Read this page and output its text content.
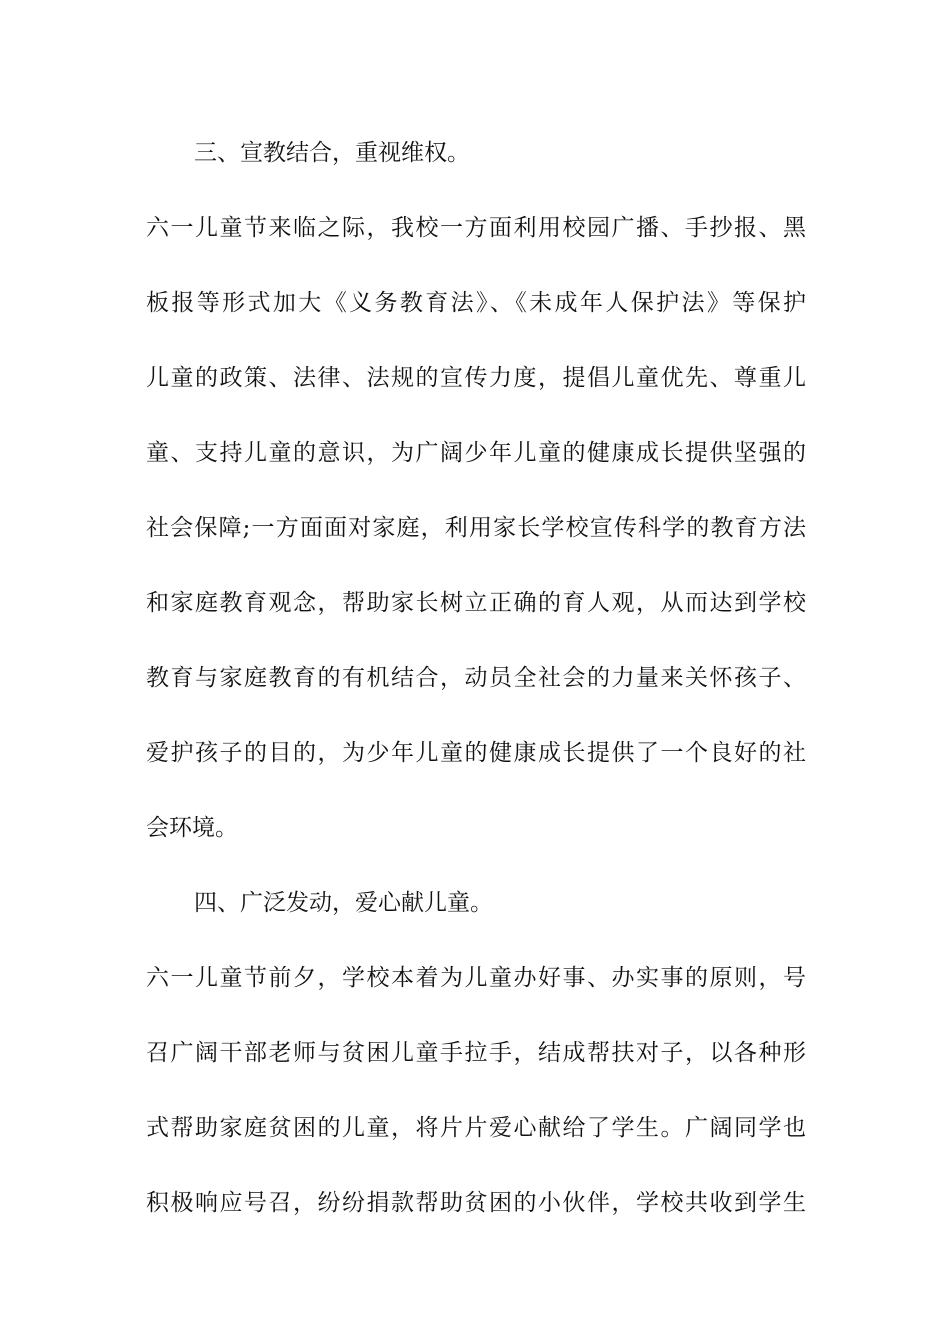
三、宣教结合，重视维权。
六一儿童节来临之际，我校一方面利用校园广播、手抄报、黑
板报等形式加大《义务教育法》、《未成年人保护法》等保护
儿童的政策、法律、法规的宣传力度，提倡儿童优先、尊重儿
童、支持儿童的意识，为广阔少年儿童的健康成长提供坚强的
社会保障;一方面面对家庭，利用家长学校宣传科学的教育方法
和家庭教育观念，帮助家长树立正确的育人观，从而达到学校
教育与家庭教育的有机结合，动员全社会的力量来关怀孩子、
爱护孩子的目的，为少年儿童的健康成长提供了一个良好的社
会环境。
四、广泛发动，爱心献儿童。
六一儿童节前夕，学校本着为儿童办好事、办实事的原则，号
召广阔干部老师与贫困儿童手拉手，结成帮扶对子，以各种形
式帮助家庭贫困的儿童，将片片爱心献给了学生。广阔同学也
积极响应号召，纷纷捐款帮助贫困的小伙伴，学校共收到学生
